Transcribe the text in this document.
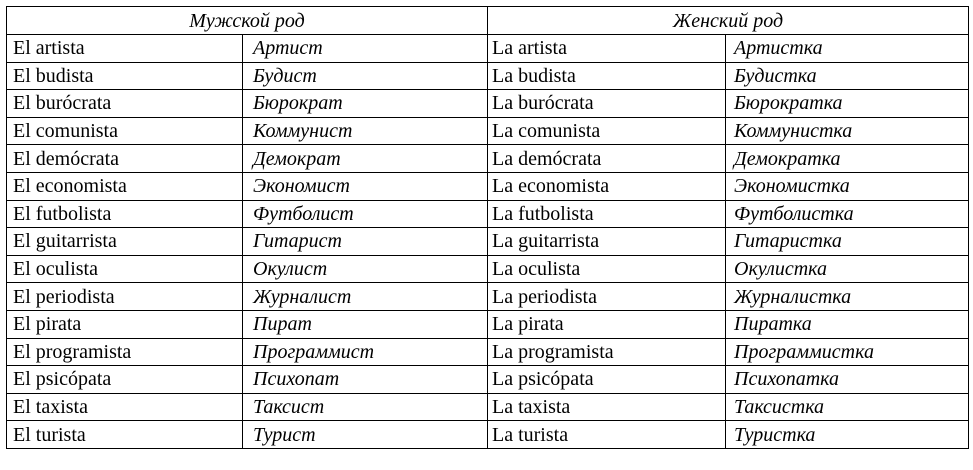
Мужской род		Женский род	
El artista	Артист	La artista	Артистка
El budista	Будист	La budista	Будистка
El burócrata	Бюрократ	La burócrata	Бюрократка
El comunista	Коммунист	La comunista	Коммунистка
El demócrata	Демократ	La demócrata	Демократка
El economista	Экономист	La economista	Экономистка
El futbolista	Футболист	La futbolista	Футболистка
El guitarrista	Гитарист	La guitarrista	Гитаристка
El oculista	Окулист	La oculista	Окулистка
El periodista	Журналист	La periodista	Журналистка
El pirata	Пират	La pirata	Пиратка
El programista	Программист	La programista	Программистка
El psicópata	Психопат	La psicópata	Психопатка
El taxista	Таксист	La taxista	Таксистка
El turista	Турист	La turista	Туристка
